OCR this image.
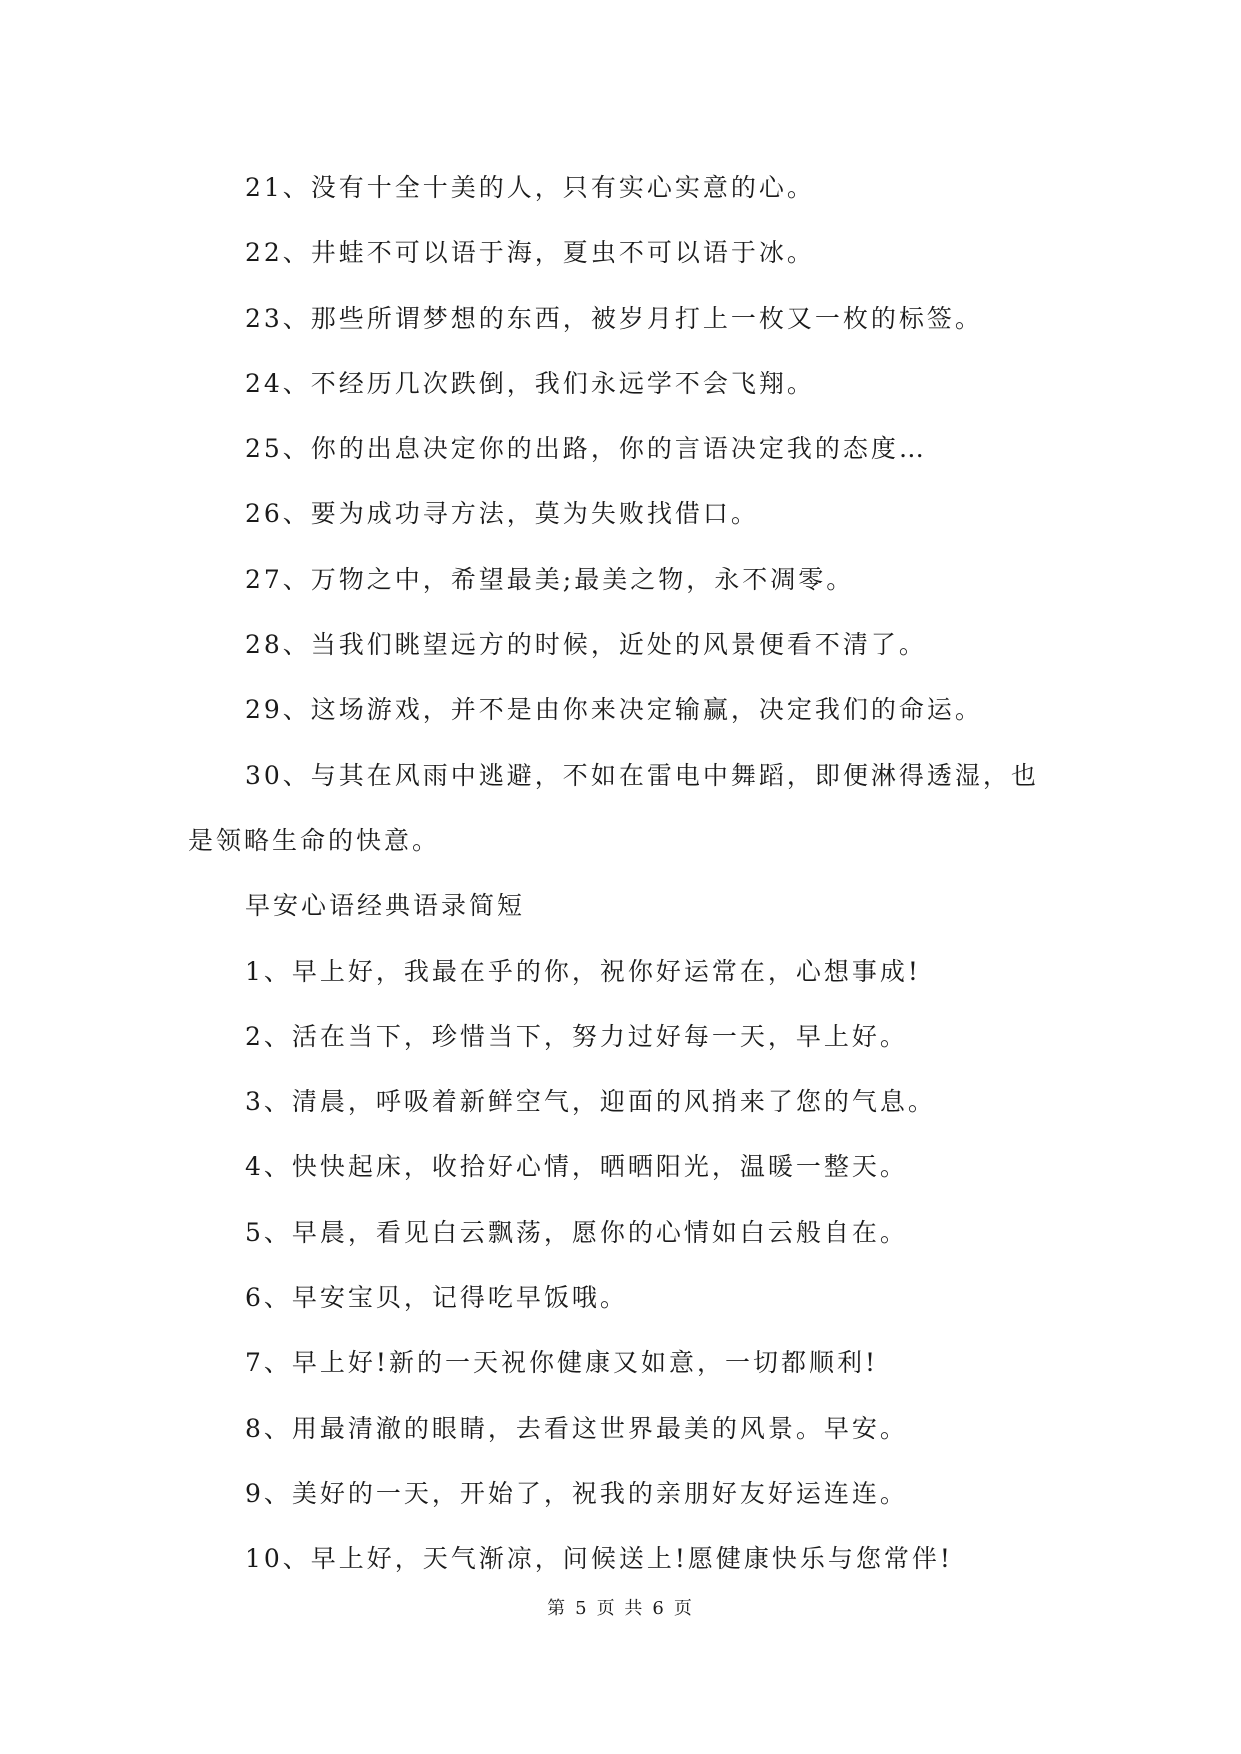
21、没有十全十美的人，只有实心实意的心。
22、井蛙不可以语于海，夏虫不可以语于冰。
23、那些所谓梦想的东西，被岁月打上一枚又一枚的标签。
24、不经历几次跌倒，我们永远学不会飞翔。
25、你的出息决定你的出路，你的言语决定我的态度…
26、要为成功寻方法，莫为失败找借口。
27、万物之中，希望最美;最美之物，永不凋零。
28、当我们眺望远方的时候，近处的风景便看不清了。
29、这场游戏，并不是由你来决定输赢，决定我们的命运。
30、与其在风雨中逃避，不如在雷电中舞蹈，即便淋得透湿，也
是领略生命的快意。
早安心语经典语录简短
1、早上好，我最在乎的你，祝你好运常在，心想事成!
2、活在当下，珍惜当下，努力过好每一天，早上好。
3、清晨，呼吸着新鲜空气，迎面的风捎来了您的气息。
4、快快起床，收拾好心情，晒晒阳光，温暖一整天。
5、早晨，看见白云飘荡，愿你的心情如白云般自在。
6、早安宝贝，记得吃早饭哦。
7、早上好!新的一天祝你健康又如意，一切都顺利!
8、用最清澈的眼睛，去看这世界最美的风景。早安。
9、美好的一天，开始了，祝我的亲朋好友好运连连。
10、早上好，天气渐凉，问候送上!愿健康快乐与您常伴!
第 5 页 共 6 页
